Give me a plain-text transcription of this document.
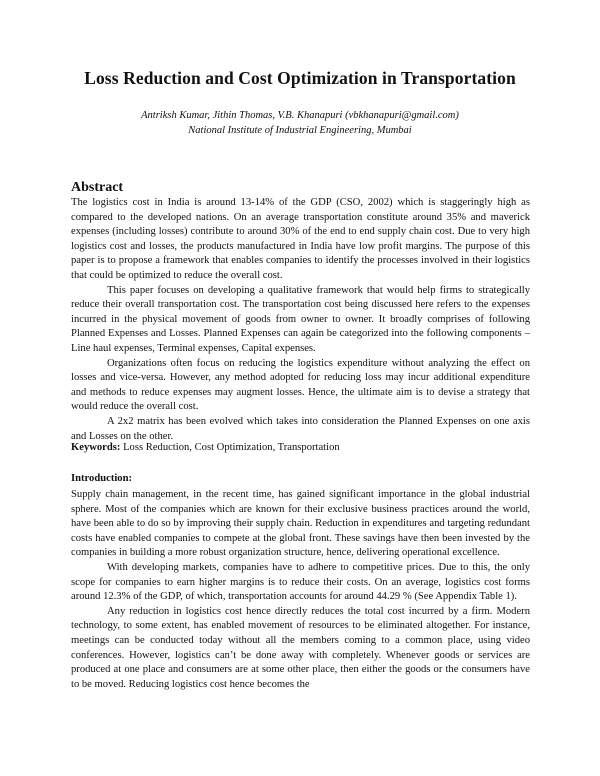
Loss Reduction and Cost Optimization in Transportation
Antriksh Kumar, Jithin Thomas, V.B. Khanapuri (vbkhanapuri@gmail.com)
National Institute of Industrial Engineering, Mumbai
Abstract

The logistics cost in India is around 13-14% of the GDP (CSO, 2002) which is staggeringly high as compared to the developed nations. On an average transportation constitute around 35% and maverick expenses (including losses) contribute to around 30% of the end to end supply chain cost. Due to very high logistics cost and losses, the products manufactured in India have low profit margins. The purpose of this paper is to propose a framework that enables companies to identify the processes involved in their logistics that could be optimized to reduce the overall cost.

This paper focuses on developing a qualitative framework that would help firms to strategically reduce their overall transportation cost. The transportation cost being discussed here refers to the expenses incurred in the physical movement of goods from owner to owner. It broadly comprises of following Planned Expenses and Losses. Planned Expenses can again be categorized into the following components – Line haul expenses, Terminal expenses, Capital expenses.

Organizations often focus on reducing the logistics expenditure without analyzing the effect on losses and vice-versa. However, any method adopted for reducing loss may incur additional expenditure and methods to reduce expenses may augment losses. Hence, the ultimate aim is to devise a strategy that would reduce the overall cost.

A 2x2 matrix has been evolved which takes into consideration the Planned Expenses on one axis and Losses on the other.

Keywords: Loss Reduction, Cost Optimization, Transportation
Introduction:

Supply chain management, in the recent time, has gained significant importance in the global industrial sphere. Most of the companies which are known for their exclusive business practices around the world, have been able to do so by improving their supply chain. Reduction in expenditures and targeting redundant costs have enabled companies to compete at the global front. These savings have then been invested by the companies in building a more robust organization structure, hence, delivering operational excellence.

With developing markets, companies have to adhere to competitive prices. Due to this, the only scope for companies to earn higher margins is to reduce their costs. On an average, logistics cost forms around 12.3% of the GDP, of which, transportation accounts for around 44.29 % (See Appendix Table 1).

Any reduction in logistics cost hence directly reduces the total cost incurred by a firm. Modern technology, to some extent, has enabled movement of resources to be eliminated altogether. For instance, meetings can be conducted today without all the members coming to a common place, using video conferences. However, logistics can’t be done away with completely. Whenever goods or services are produced at one place and consumers are at some other place, then either the goods or the consumers have to be moved. Reducing logistics cost hence becomes the
